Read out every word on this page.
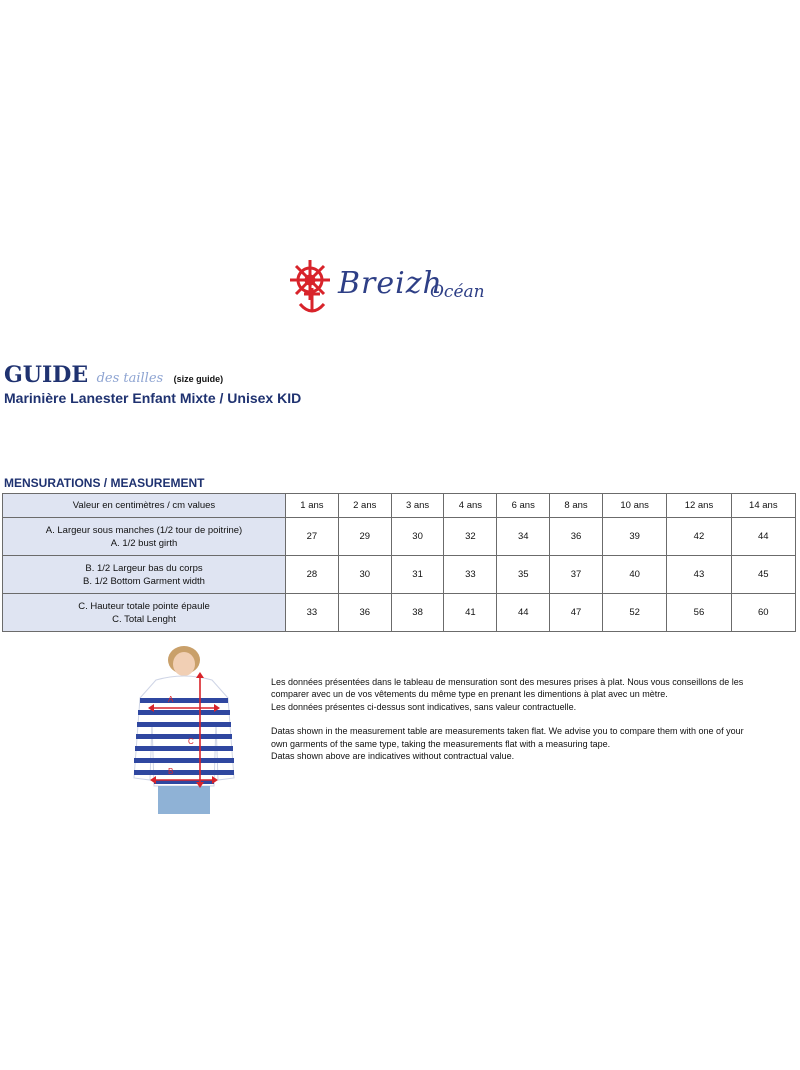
Breizh
Océan
GUIDE des tailles (size guide)
Marinière Lanester Enfant Mixte / Unisex KID
MENSURATIONS / MEASUREMENT
Valeur en centimètres / cm values	1 ans	2 ans	3 ans	4 ans	6 ans	8 ans	10 ans	12 ans	14 ans

A. Largeur sous manches (1/2 tour de poitrine)
A. 1/2 bust girth	27	29	30	32	34	36	39	42	44

B. 1/2 Largeur bas du corps
B. 1/2 Bottom Garment width	28	30	31	33	35	37	40	43	45

C. Hauteur totale pointe épaule
C. Total Lenght	33	36	38	41	44	47	52	56	60
A
C
B

Les données présentées dans le tableau de mensuration sont des mesures prises à plat. Nous vous conseillons de les

comparer avec un de vos vêtements du même type en prenant les dimentions à plat avec un mètre.

Les données présentes ci-dessus sont indicatives, sans valeur contractuelle.

Datas shown in the measurement table are measurements taken flat. We advise you to compare them with one of your

own garments of the same type, taking the measurements flat with a measuring tape.

Datas shown above are indicatives without contractual value.
